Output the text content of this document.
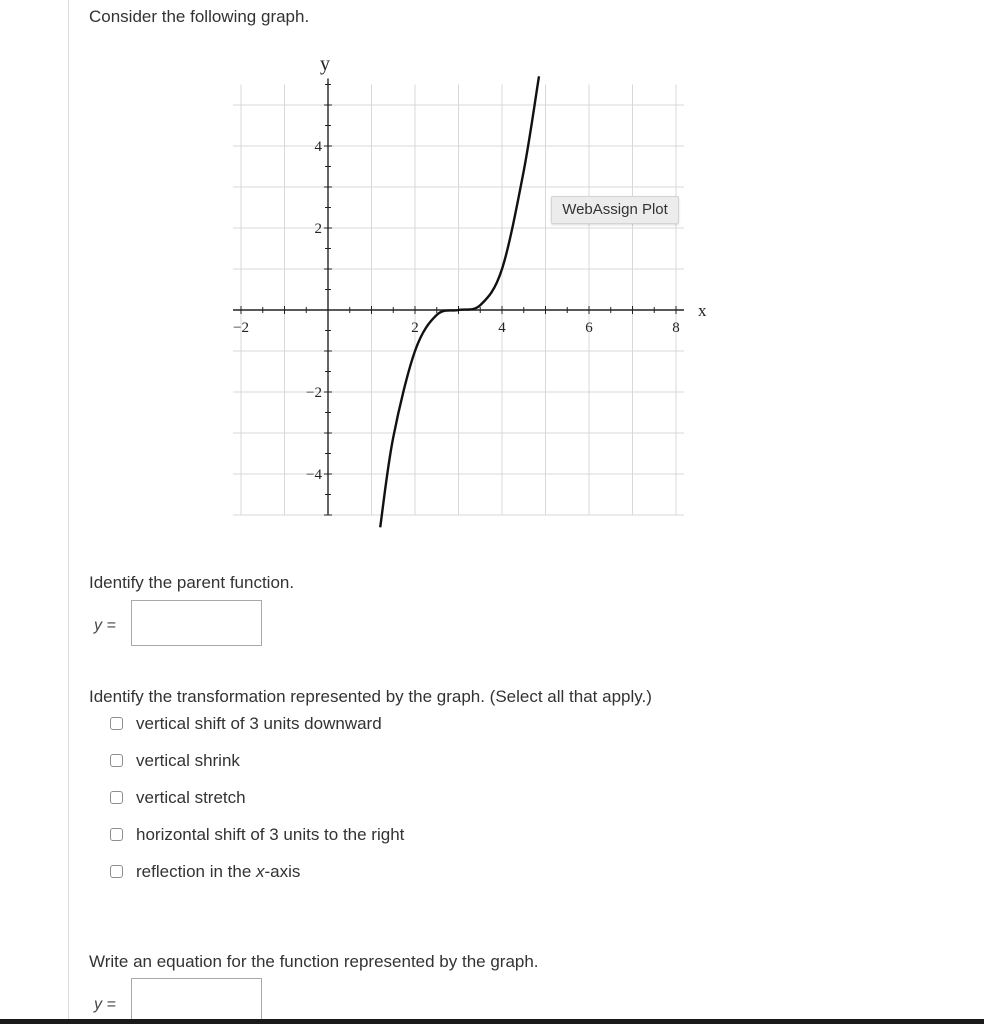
Consider the following graph.
−2	2	4	6	8
4
2
−2
−4
x
y
WebAssign Plot
Identify the parent function.
y =
Identify the transformation represented by the graph. (Select all that apply.)
vertical shift of 3 units downward
vertical shrink
vertical stretch
horizontal shift of 3 units to the right
reflection in the x-axis
Write an equation for the function represented by the graph.
y =
